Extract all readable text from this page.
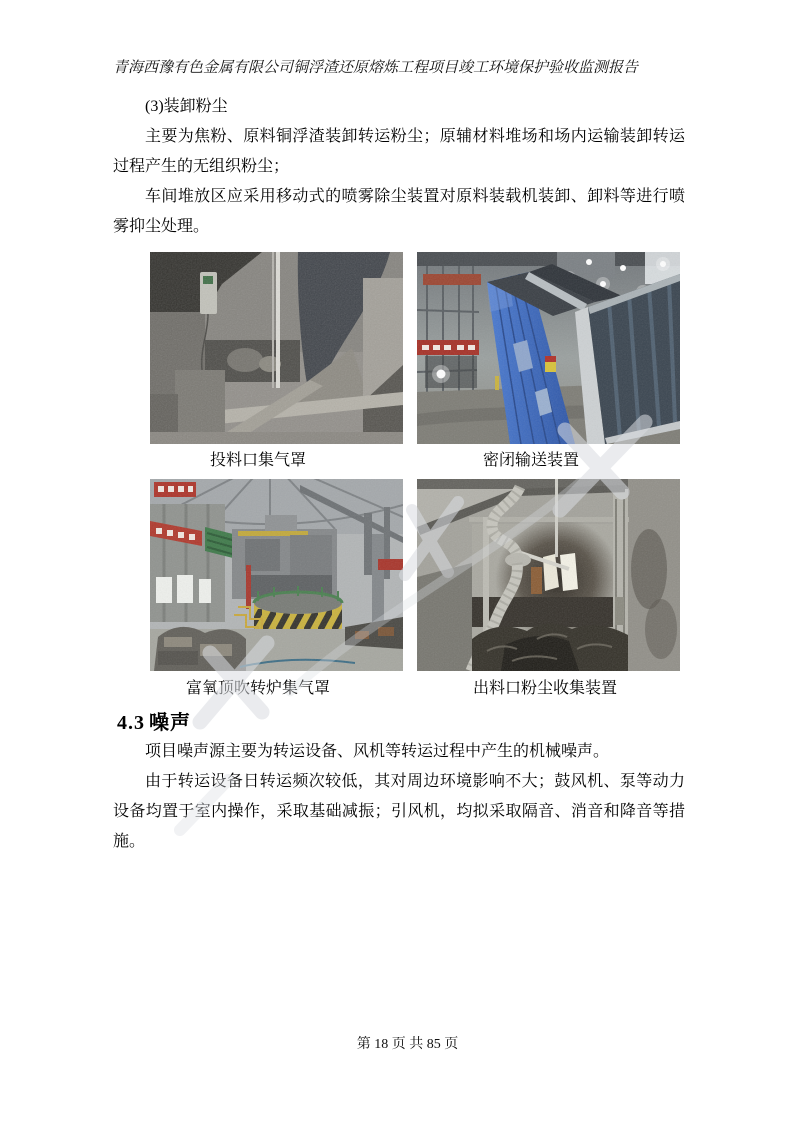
青海西豫有色金属有限公司铜浮渣还原熔炼工程项目竣工环境保护验收监测报告

(3)装卸粉尘

主要为焦粉、原料铜浮渣装卸转运粉尘；原辅材料堆场和场内运输装卸转运过程产生的无组织粉尘；

车间堆放区应采用移动式的喷雾除尘装置对原料装载机装卸、卸料等进行喷雾抑尘处理。

投料口集气罩	密闭输送装置
富氧顶吹转炉集气罩	出料口粉尘收集装置
4.3 噪声

项目噪声源主要为转运设备、风机等转运过程中产生的机械噪声。

由于转运设备日转运频次较低，其对周边环境影响不大；鼓风机、泵等动力设备均置于室内操作，采取基础减振；引风机，均拟采取隔音、消音和降音等措施。

第 18 页 共 85 页
